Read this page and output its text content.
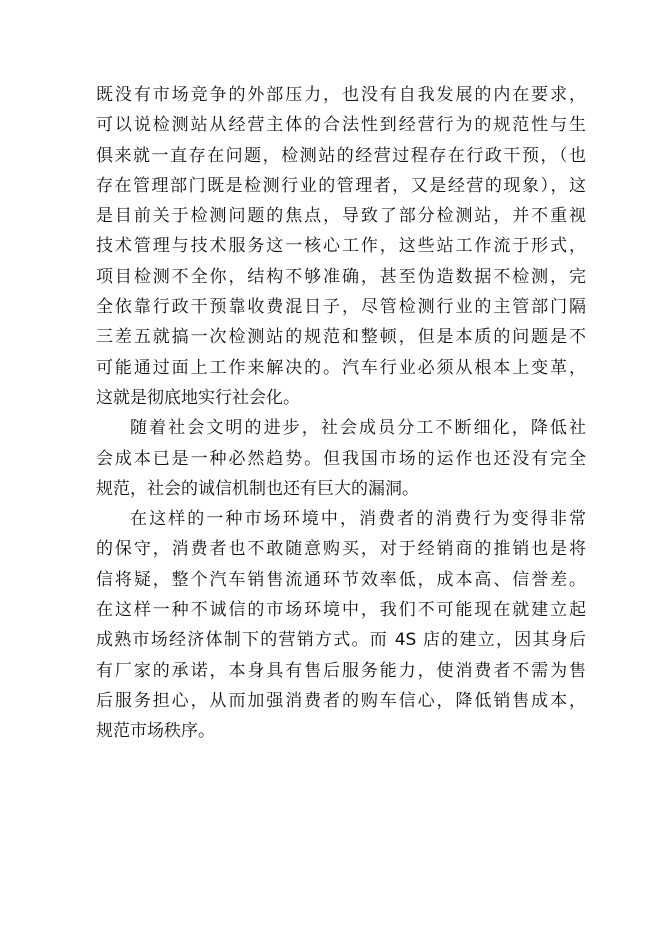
既没有市场竞争的外部压力，也没有自我发展的内在要求，
可以说检测站从经营主体的合法性到经营行为的规范性与生
俱来就一直存在问题，检测站的经营过程存在行政干预，（也
存在管理部门既是检测行业的管理者，又是经营的现象），这
是目前关于检测问题的焦点，导致了部分检测站，并不重视
技术管理与技术服务这一核心工作，这些站工作流于形式，
项目检测不全你，结构不够准确，甚至伪造数据不检测，完
全依靠行政干预靠收费混日子，尽管检测行业的主管部门隔
三差五就搞一次检测站的规范和整顿，但是本质的问题是不
可能通过面上工作来解决的。汽车行业必须从根本上变革，
这就是彻底地实行社会化。
随着社会文明的进步，社会成员分工不断细化，降低社
会成本已是一种必然趋势。但我国市场的运作也还没有完全
规范，社会的诚信机制也还有巨大的漏洞。
在这样的一种市场环境中，消费者的消费行为变得非常
的保守，消费者也不敢随意购买，对于经销商的推销也是将
信将疑，整个汽车销售流通环节效率低，成本高、信誉差。
在这样一种不诚信的市场环境中，我们不可能现在就建立起
成熟市场经济体制下的营销方式。而 4S 店的建立，因其身后
有厂家的承诺，本身具有售后服务能力，使消费者不需为售
后服务担心，从而加强消费者的购车信心，降低销售成本，
规范市场秩序。
